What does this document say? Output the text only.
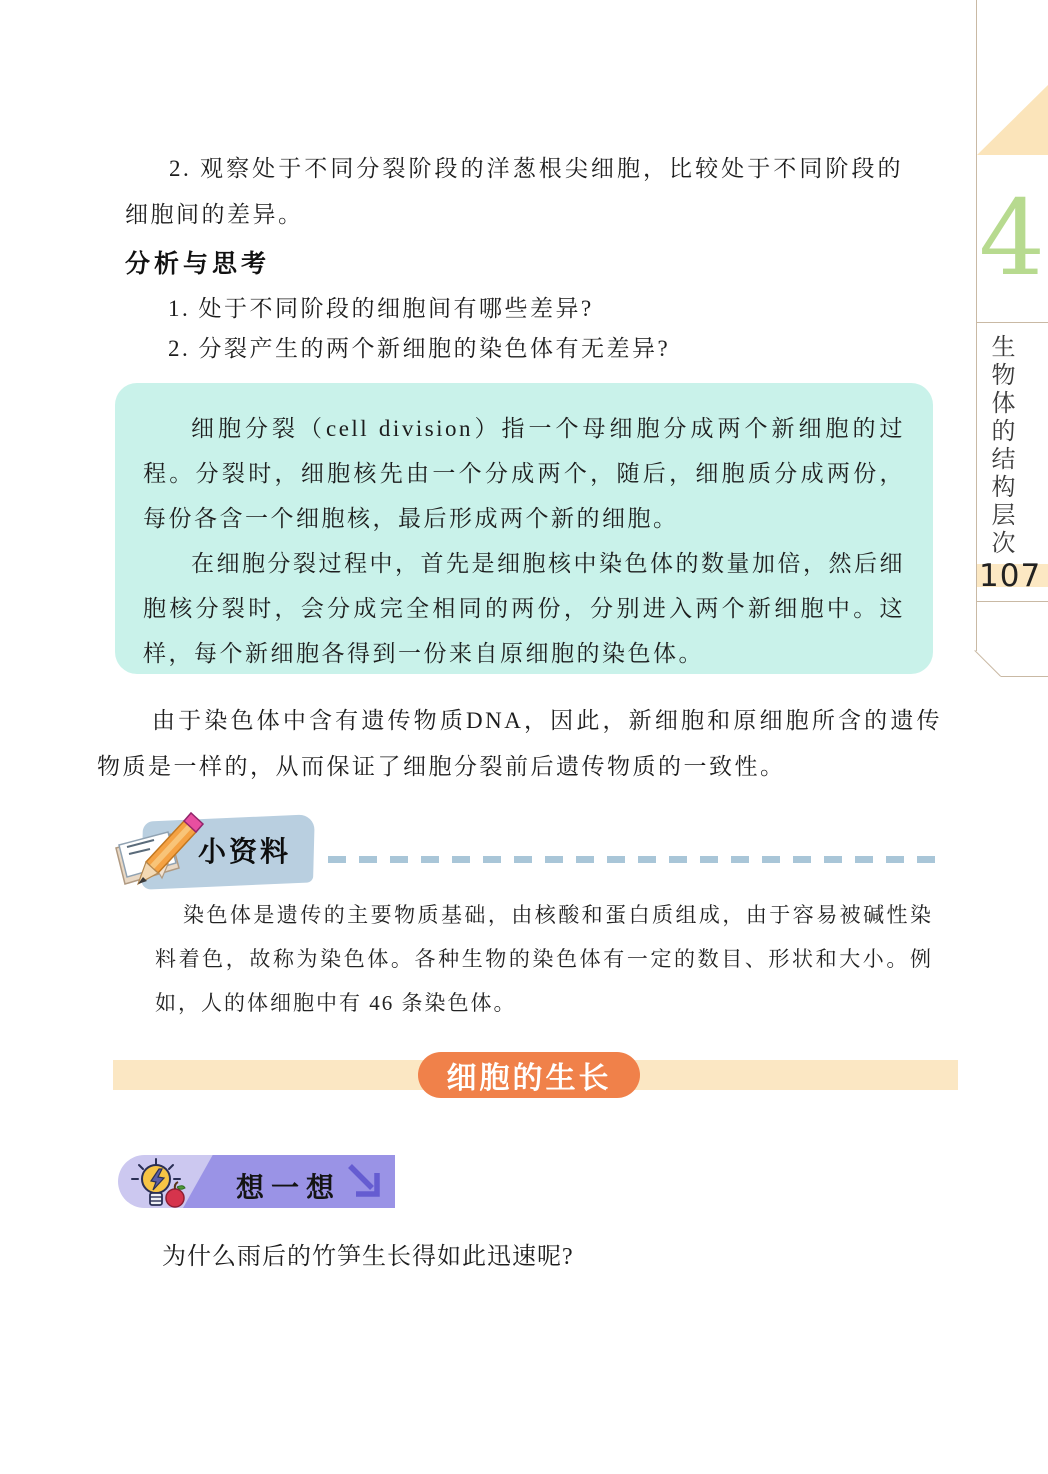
2. 观察处于不同分裂阶段的洋葱根尖细胞，比较处于不同阶段的细胞间的差异。

分析与思考

1. 处于不同阶段的细胞间有哪些差异?

2. 分裂产生的两个新细胞的染色体有无差异?

细胞分裂（cell division）指一个母细胞分成两个新细胞的过程。分裂时，细胞核先由一个分成两个，随后，细胞质分成两份，每份各含一个细胞核，最后形成两个新的细胞。

在细胞分裂过程中，首先是细胞核中染色体的数量加倍，然后细胞核分裂时，会分成完全相同的两份，分别进入两个新细胞中。这样，每个新细胞各得到一份来自原细胞的染色体。

由于染色体中含有遗传物质DNA，因此，新细胞和原细胞所含的遗传物质是一样的，从而保证了细胞分裂前后遗传物质的一致性。

小资料

染色体是遗传的主要物质基础，由核酸和蛋白质组成，由于容易被碱性染料着色，故称为染色体。各种生物的染色体有一定的数目、形状和大小。例如，人的体细胞中有 46 条染色体。

细胞的生长
想一想

为什么雨后的竹笋生长得如此迅速呢?

4
生物体的结构层次
107
